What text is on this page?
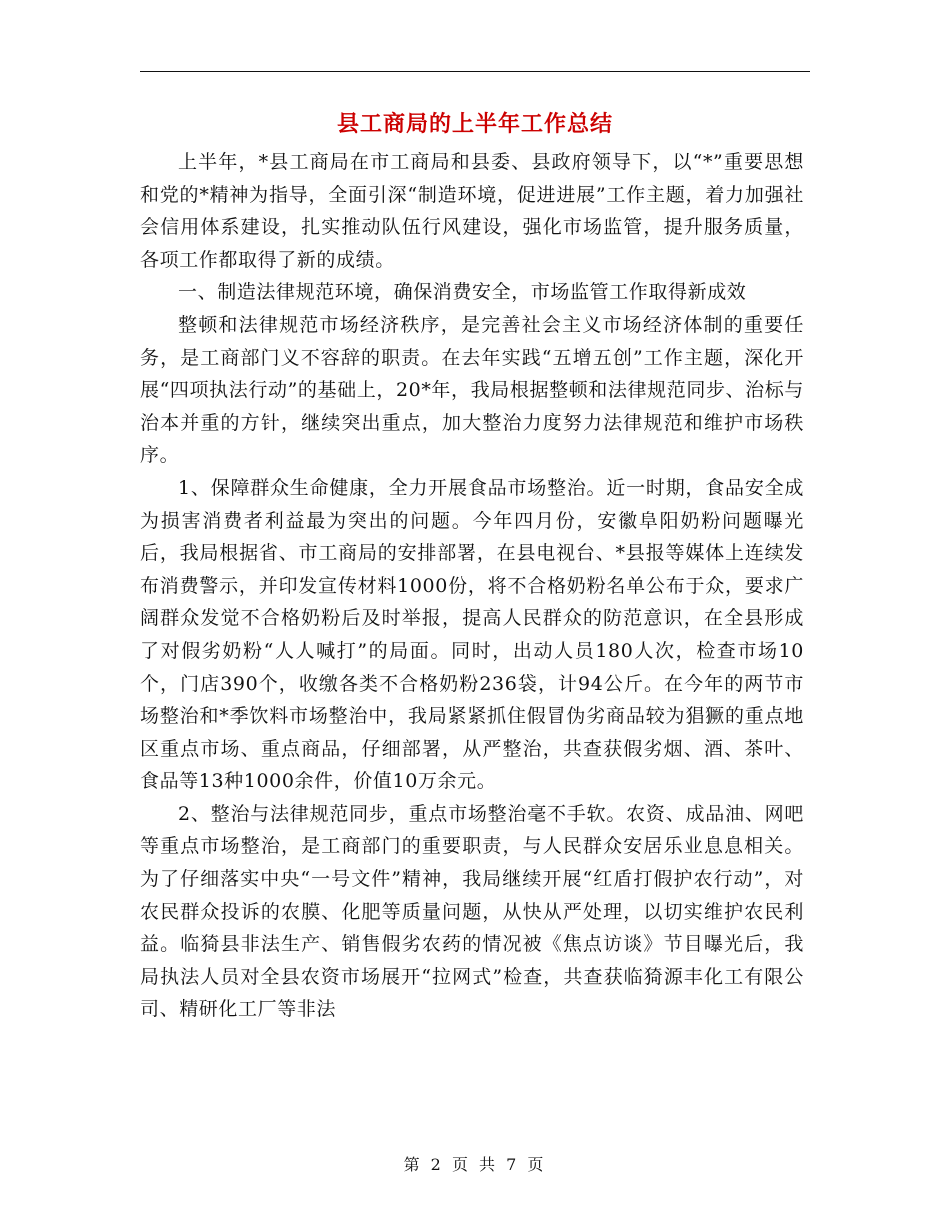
县工商局的上半年工作总结

上半年，*县工商局在市工商局和县委、县政府领导下，以“*”重要思想和党的*精神为指导，全面引深“制造环境，促进进展”工作主题，着力加强社会信用体系建设，扎实推动队伍行风建设，强化市场监管，提升服务质量，各项工作都取得了新的成绩。

一、制造法律规范环境，确保消费安全，市场监管工作取得新成效

整顿和法律规范市场经济秩序，是完善社会主义市场经济体制的重要任务，是工商部门义不容辞的职责。在去年实践“五增五创”工作主题，深化开展“四项执法行动”的基础上，20*年，我局根据整顿和法律规范同步、治标与治本并重的方针，继续突出重点，加大整治力度努力法律规范和维护市场秩序。

1、保障群众生命健康，全力开展食品市场整治。近一时期，食品安全成为损害消费者利益最为突出的问题。今年四月份，安徽阜阳奶粉问题曝光后，我局根据省、市工商局的安排部署，在县电视台、*县报等媒体上连续发布消费警示，并印发宣传材料1000份，将不合格奶粉名单公布于众，要求广阔群众发觉不合格奶粉后及时举报，提高人民群众的防范意识，在全县形成了对假劣奶粉“人人喊打”的局面。同时，出动人员180人次，检查市场10个，门店390个，收缴各类不合格奶粉236袋，计94公斤。在今年的两节市场整治和*季饮料市场整治中，我局紧紧抓住假冒伪劣商品较为猖獗的重点地区重点市场、重点商品，仔细部署，从严整治，共查获假劣烟、酒、茶叶、食品等13种1000余件，价值10万余元。

2、整治与法律规范同步，重点市场整治毫不手软。农资、成品油、网吧等重点市场整治，是工商部门的重要职责，与人民群众安居乐业息息相关。为了仔细落实中央“一号文件”精神，我局继续开展“红盾打假护农行动”，对农民群众投诉的农膜、化肥等质量问题，从快从严处理，以切实维护农民利益。临猗县非法生产、销售假劣农药的情况被《焦点访谈》节目曝光后，我局执法人员对全县农资市场展开“拉网式”检查，共查获临猗源丰化工有限公司、精研化工厂等非法

第 2 页 共 7 页
